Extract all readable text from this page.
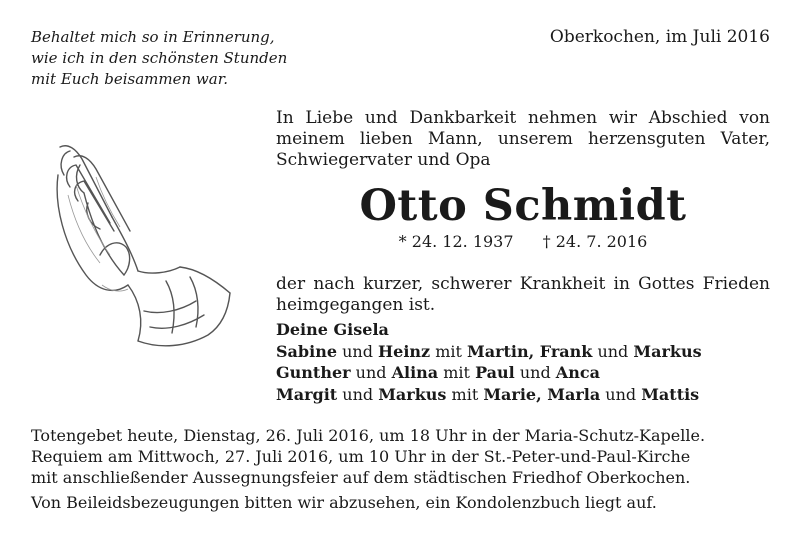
Behaltet mich so in Erinnerung,
wie ich in den schönsten Stunden
mit Euch beisammen war.
Oberkochen, im Juli 2016
In Liebe und Dankbarkeit nehmen wir Abschied von meinem lieben Mann, unserem herzensguten Vater, Schwiegervater und Opa
Otto Schmidt
* 24. 12. 1937 † 24. 7. 2016
der nach kurzer, schwerer Krankheit in Gottes Frieden heimgegangen ist.
Deine Gisela
Sabine und Heinz mit Martin, Frank und Markus
Gunther und Alina mit Paul und Anca
Margit und Markus mit Marie, Marla und Mattis
Totengebet heute, Dienstag, 26. Juli 2016, um 18 Uhr in der Maria-Schutz-Kapelle.
Requiem am Mittwoch, 27. Juli 2016, um 10 Uhr in der St.-Peter-und-Paul-Kirche
mit anschließender Aussegnungsfeier auf dem städtischen Friedhof Oberkochen.
Von Beileidsbezeugungen bitten wir abzusehen, ein Kondolenzbuch liegt auf.
